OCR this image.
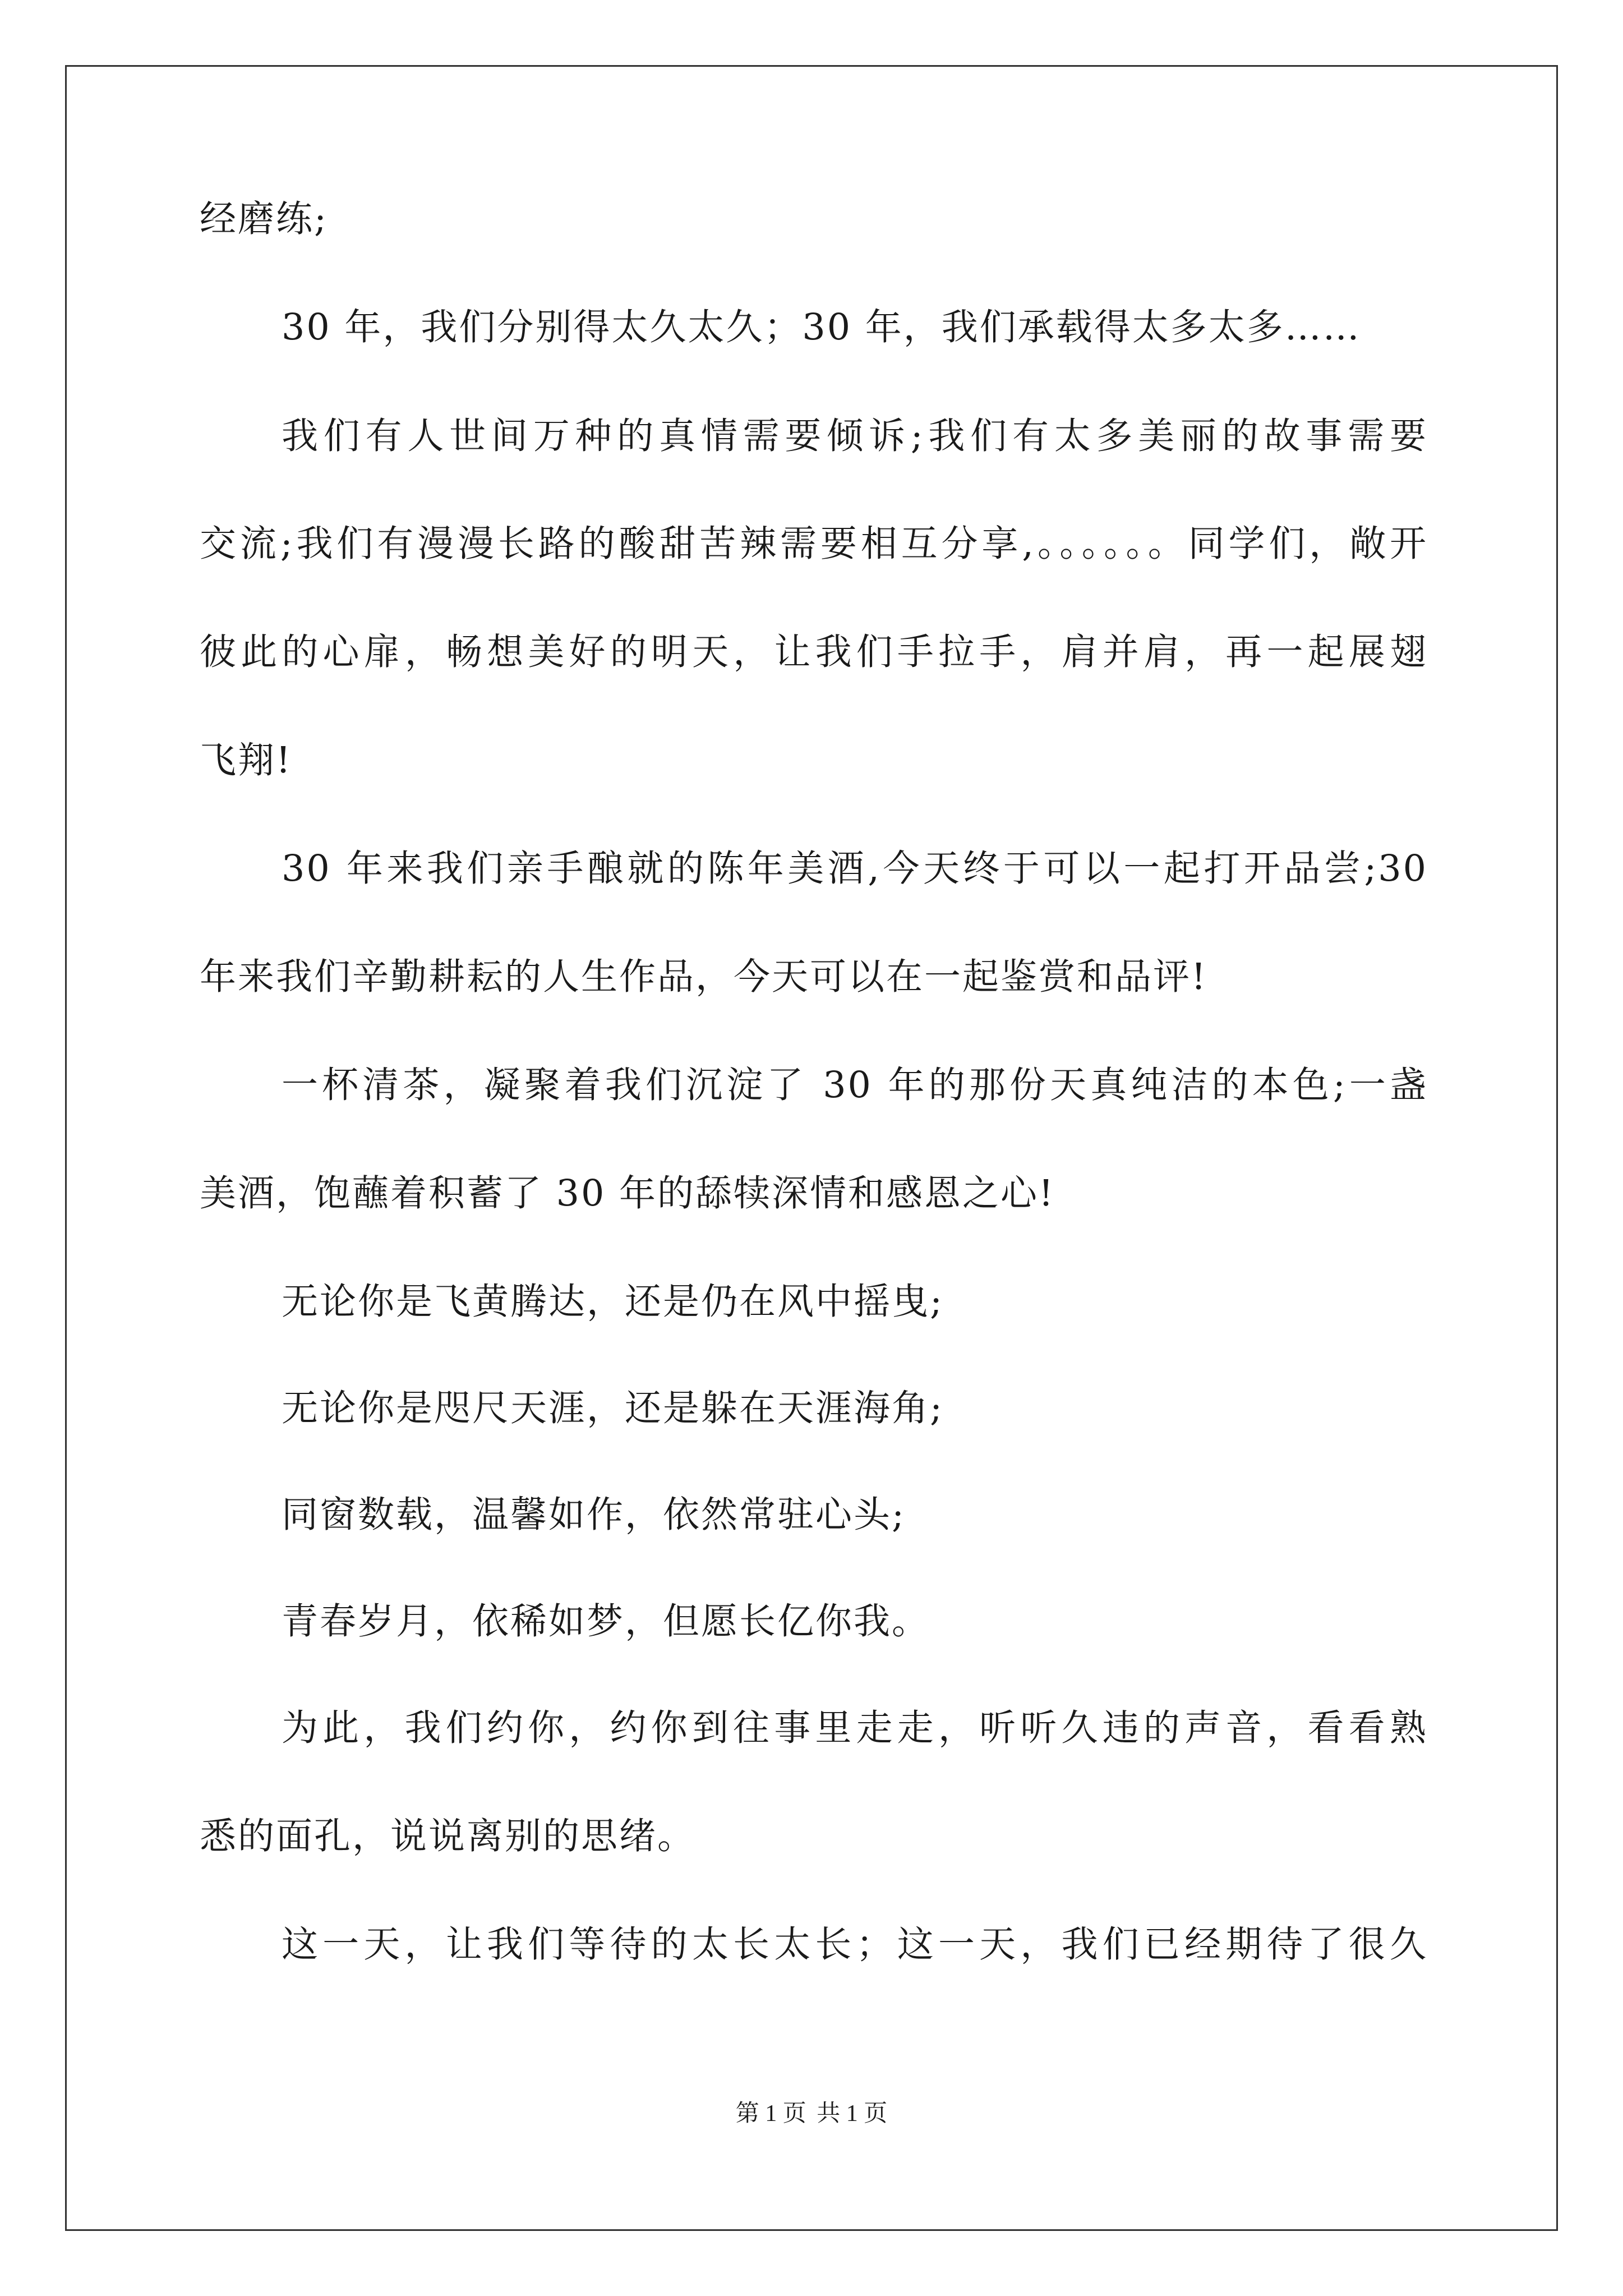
经磨练;
30 年，我们分别得太久太久；30 年，我们承载得太多太多……
我们有人世间万种的真情需要倾诉;我们有太多美丽的故事需要
交流;我们有漫漫长路的酸甜苦辣需要相互分享,。。。。。。同学们，敞开
彼此的心扉，畅想美好的明天，让我们手拉手，肩并肩，再一起展翅
飞翔!
30 年来我们亲手酿就的陈年美酒,今天终于可以一起打开品尝;30
年来我们辛勤耕耘的人生作品，今天可以在一起鉴赏和品评!
一杯清茶，凝聚着我们沉淀了 30 年的那份天真纯洁的本色;一盏
美酒，饱蘸着积蓄了 30 年的舔犊深情和感恩之心!
无论你是飞黄腾达，还是仍在风中摇曳;
无论你是咫尺天涯，还是躲在天涯海角;
同窗数载，温馨如作，依然常驻心头;
青春岁月，依稀如梦，但愿长亿你我。
为此，我们约你，约你到往事里走走，听听久违的声音，看看熟
悉的面孔，说说离别的思绪。
这一天，让我们等待的太长太长；这一天，我们已经期待了很久
第 1 页 共 1 页
